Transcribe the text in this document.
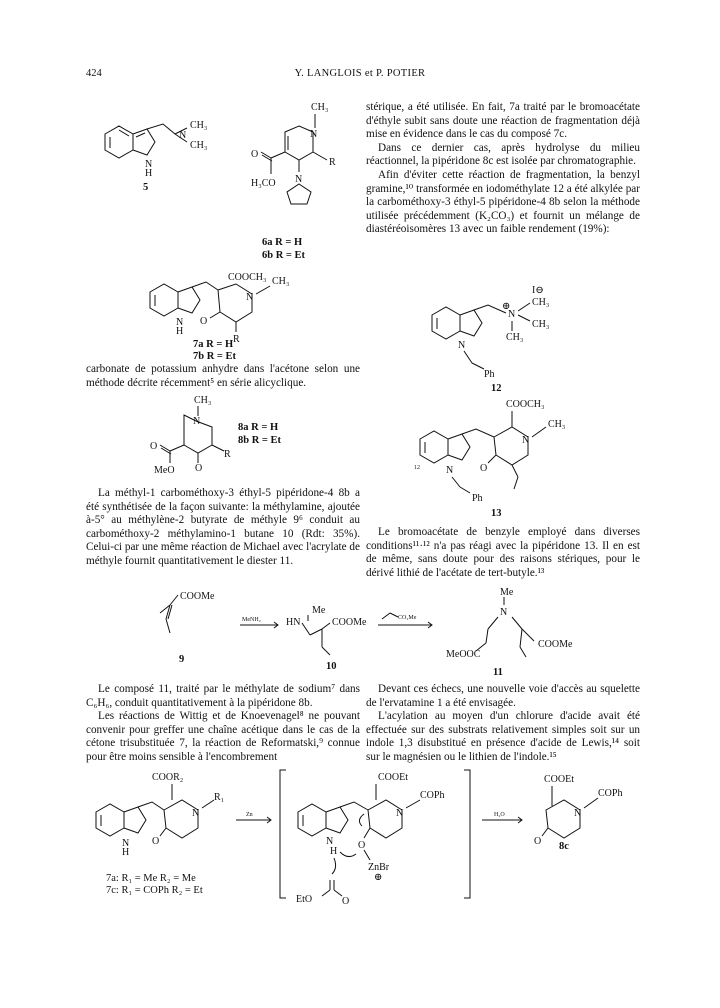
424	Y. LANGLOIS et P. POTIER
N
H
N
CH₃
CH₃
5
CH₃
N
R
N
O
H₃CO
6a R = H
6b R = Et
N
CH₃
COOCH₃
O
R
N
H
7a R = H
7b R = Et

carbonate de potassium anhydre dans l'acétone selon une méthode décrite récemment⁵ en série alicyclique.

CH₃
N
R
O
O
MeO
8a R = H
8b R = Et

La méthyl-1 carbométhoxy-3 éthyl-5 pipéridone-4 8b a été synthétisée de la façon suivante: la méthylamine, ajoutée à-5° au méthylène-2 butyrate de méthyle 9⁶ conduit au carbométhoxy-2 méthylamino-1 butane 10 (Rdt: 35%). Celui-ci par une même réaction de Michael avec l'acrylate de méthyle fournit quantitativement le diester 11.

stérique, a été utilisée. En fait, 7a traité par le bromoacétate d'éthyle subit sans doute une réaction de fragmentation déjà mise en évidence dans le cas du composé 7c.

Dans ce dernier cas, après hydrolyse du milieu réactionnel, la pipéridone 8c est isolée par chromatographie.

Afin d'éviter cette réaction de fragmentation, la benzyl gramine,¹⁰ transformée en iodométhylate 12 a été alkylée par la carbométhoxy-3 éthyl-5 pipéridone-4 8b selon la méthode utilisée précédemment (K₂CO₃) et fournit un mélange de diastéréoisomères 13 avec un faible rendement (19%):

I⊖
N
⊕ CH₃
CH₃
CH₃
N
Ph
12
COOCH₃
N
CH₃
O
12	N
Ph
13

Le bromoacétate de benzyle employé dans diverses conditions¹¹·¹² n'a pas réagi avec la pipéridone 13. Il en est de même, sans doute pour des raisons stériques, pour le dérivé lithié de l'acétate de tert-butyle.¹³

COOMe
MeNH₂
Me
HN	COOMe	CO₂Me
Me
N
MeOOC
COOMe
9
10
11

Le composé 11, traité par le méthylate de sodium⁷ dans C₆H₆, conduit quantitativement à la pipéridone 8b.

Les réactions de Wittig et de Knoevenagel⁸ ne pouvant convenir pour greffer une chaîne acétique dans le cas de la cétone trisubstituée 7, la réaction de Reformatski,⁹ connue pour être moins sensible à l'encombrement

Devant ces échecs, une nouvelle voie d'accès au squelette de l'ervatamine 1 a été envisagée.

L'acylation au moyen d'un chlorure d'acide avait été effectuée sur des substrats relativement simples soit sur un indole 1,3 disubstitué en présence d'acide de Lewis,¹⁴ soit sur le magnésien ou le lithien de l'indole.¹⁵

COOR₂
N
R₁
O
N
H
Zn
COOEt
N
COPh
N
H
O
ZnBr
⊕
EtO	O
H₂O
COOEt
N
COPh
O
7a: R₁ = Me R₂ = Me
7c: R₁ = COPh R₂ = Et
8c
